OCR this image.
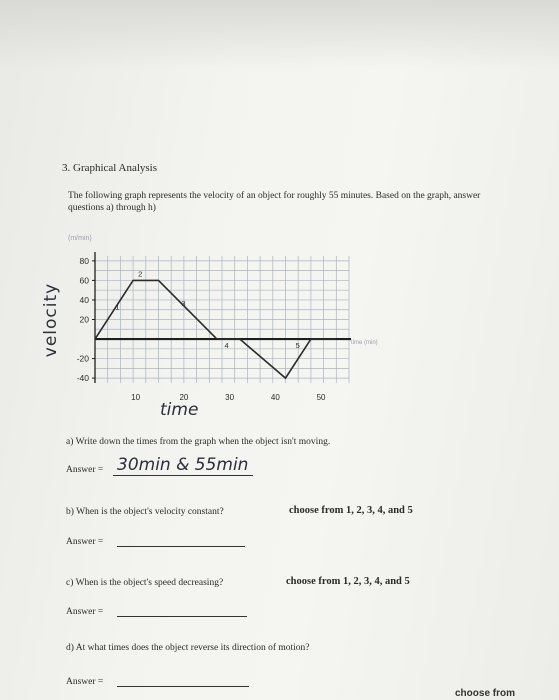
3. Graphical Analysis
The following graph represents the velocity of an object for roughly 55 minutes. Based on the graph, answer questions a) through h)
80
60
40
20
-20
-40
10	20	30	40	50
1
2
3
4	5
(m/min)
time (min)
velocity
time
a) Write down the times from the graph when the object isn't moving.
Answer = 30min & 55min
b) When is the object's velocity constant?	choose from 1, 2, 3, 4, and 5
Answer =
c) When is the object's speed decreasing?	choose from 1, 2, 3, 4, and 5
Answer =
d) At what times does the object reverse its direction of motion?
Answer =
choose from
